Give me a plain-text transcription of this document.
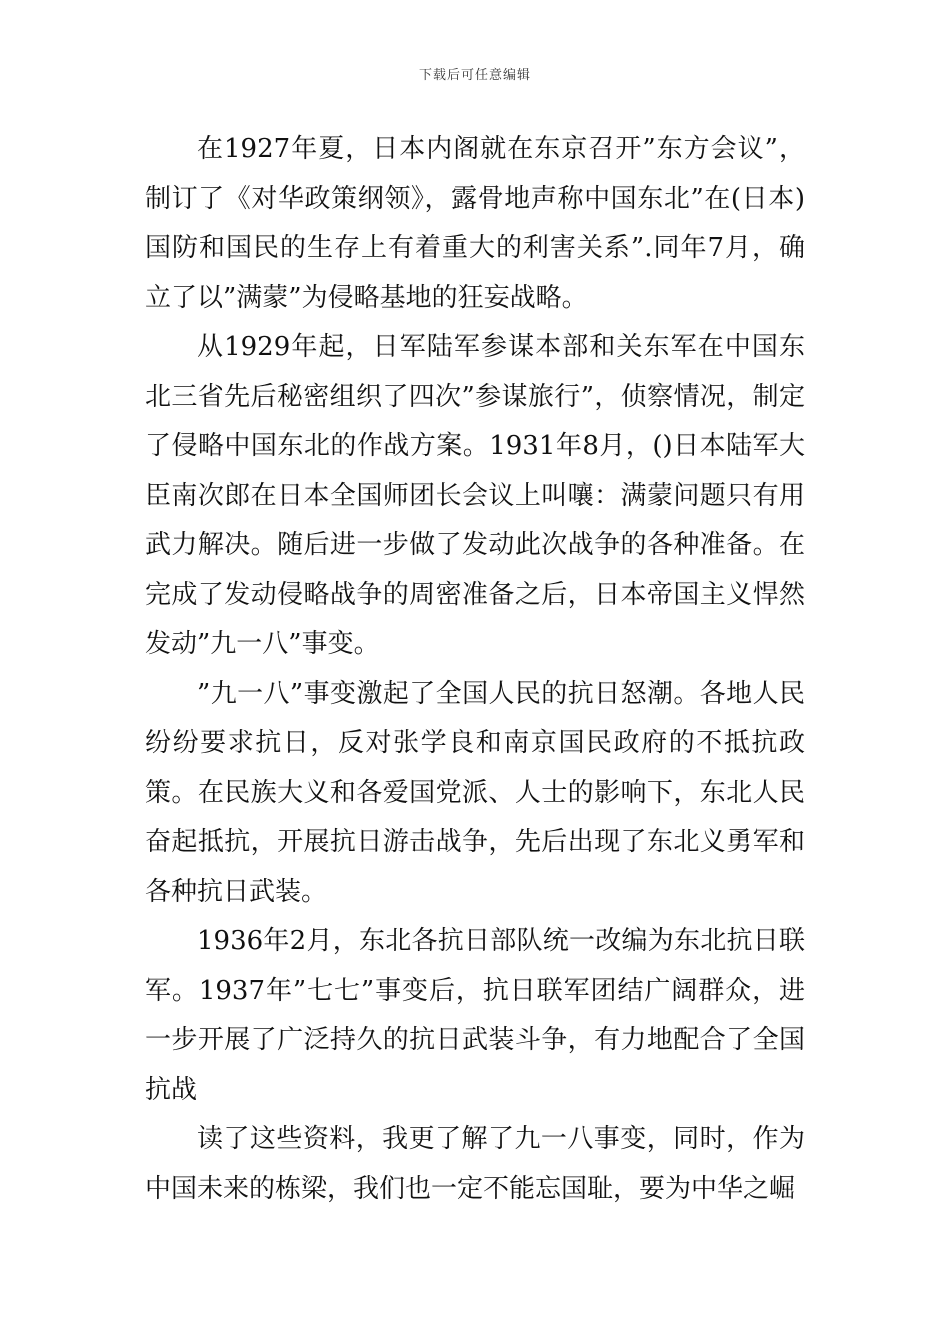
下载后可任意编辑

在1927年夏，日本内阁就在东京召开”东方会议”，制订了《对华政策纲领》，露骨地声称中国东北”在(日本)国防和国民的生存上有着重大的利害关系”.同年7月，确立了以”满蒙”为侵略基地的狂妄战略。

从1929年起，日军陆军参谋本部和关东军在中国东北三省先后秘密组织了四次”参谋旅行”，侦察情况，制定了侵略中国东北的作战方案。1931年8月，()日本陆军大臣南次郎在日本全国师团长会议上叫嚷：满蒙问题只有用武力解决。随后进一步做了发动此次战争的各种准备。在完成了发动侵略战争的周密准备之后，日本帝国主义悍然发动”九一八”事变。

”九一八”事变激起了全国人民的抗日怒潮。各地人民纷纷要求抗日，反对张学良和南京国民政府的不抵抗政策。在民族大义和各爱国党派、人士的影响下，东北人民奋起抵抗，开展抗日游击战争，先后出现了东北义勇军和各种抗日武装。

1936年2月，东北各抗日部队统一改编为东北抗日联军。1937年”七七”事变后，抗日联军团结广阔群众，进一步开展了广泛持久的抗日武装斗争，有力地配合了全国抗战

读了这些资料，我更了解了九一八事变，同时，作为中国未来的栋梁，我们也一定不能忘国耻，要为中华之崛
